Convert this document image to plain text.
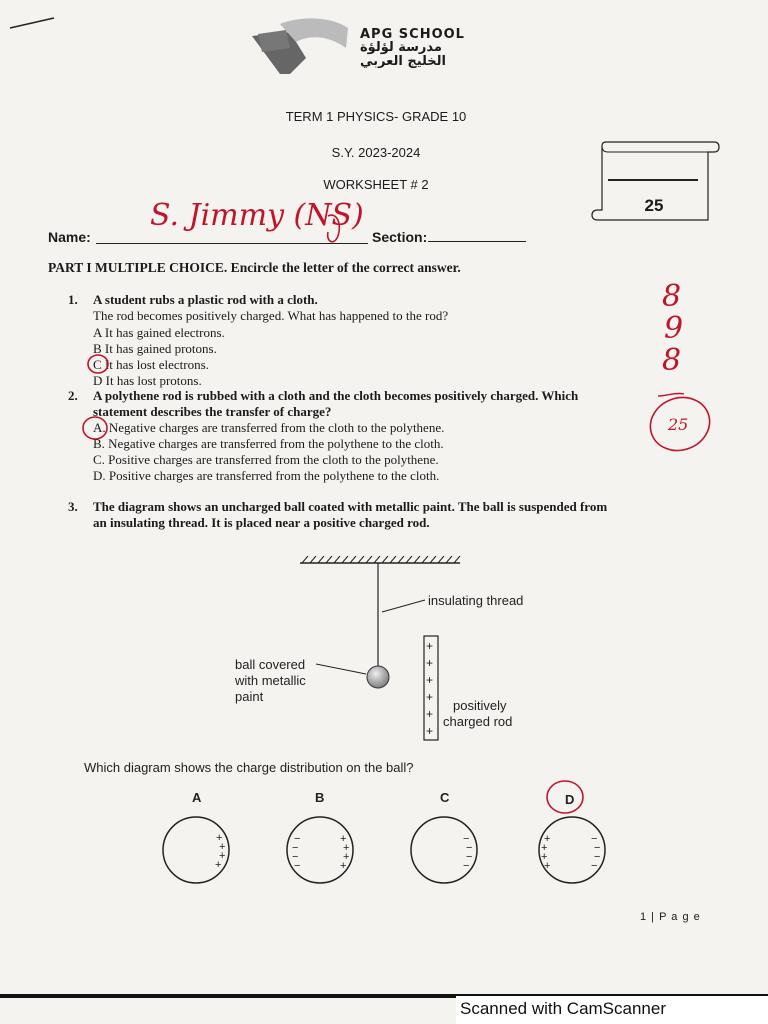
APG SCHOOL
مدرسة لؤلؤة
الخليج العربي
TERM 1 PHYSICS- GRADE 10
S.Y. 2023-2024
WORKSHEET # 2
25
Name:
S. Jimmy (NS)
Section:
PART I MULTIPLE CHOICE. Encircle the letter of the correct answer.
1. A student rubs a plastic rod with a cloth.
The rod becomes positively charged. What has happened to the rod?
A It has gained electrons.
B It has gained protons.
C It has lost electrons.
D It has lost protons.
2. A polythene rod is rubbed with a cloth and the cloth becomes positively charged. Which
statement describes the transfer of charge?
A. Negative charges are transferred from the cloth to the polythene.
B. Negative charges are transferred from the polythene to the cloth.
C. Positive charges are transferred from the cloth to the polythene.
D. Positive charges are transferred from the polythene to the cloth.
3. The diagram shows an uncharged ball coated with metallic paint. The ball is suspended from
an insulating thread. It is placed near a positive charged rod.
8
9
8
25
+
+
+
+
+
+
insulating thread
ball covered
with metallic
paint
positively
charged rod
Which diagram shows the charge distribution on the ball?
A	B	C	D
+
+
+
+
−
−
−
−
+
+
+
+
−
−
−
−
+
+
+
+
−
−
−
−
1 | P a g e
Scanned with CamScanner
